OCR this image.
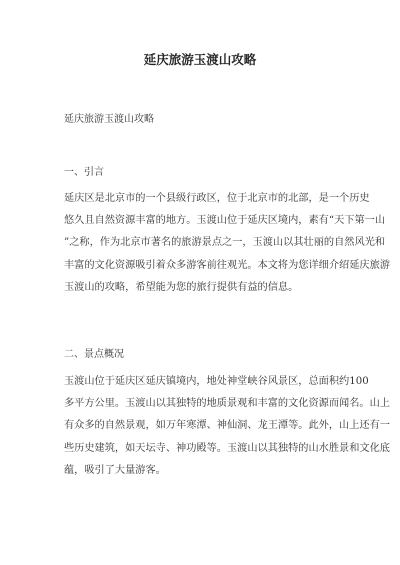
延庆旅游玉渡山攻略
延庆旅游玉渡山攻略
一、引言
延庆区是北京市的一个县级行政区，位于北京市的北部，是一个历史
悠久且自然资源丰富的地方。玉渡山位于延庆区境内，素有“天下第一山
”之称，作为北京市著名的旅游景点之一，玉渡山以其壮丽的自然风光和
丰富的文化资源吸引着众多游客前往观光。本文将为您详细介绍延庆旅游
玉渡山的攻略，希望能为您的旅行提供有益的信息。
二、景点概况
玉渡山位于延庆区延庆镇境内，地处神堂峡谷风景区，总面积约100
多平方公里。玉渡山以其独特的地质景观和丰富的文化资源而闻名。山上
有众多的自然景观，如万年寒潭、神仙洞、龙王潭等。此外，山上还有一
些历史建筑，如天坛寺、神功殿等。玉渡山以其独特的山水胜景和文化底
蕴，吸引了大量游客。
